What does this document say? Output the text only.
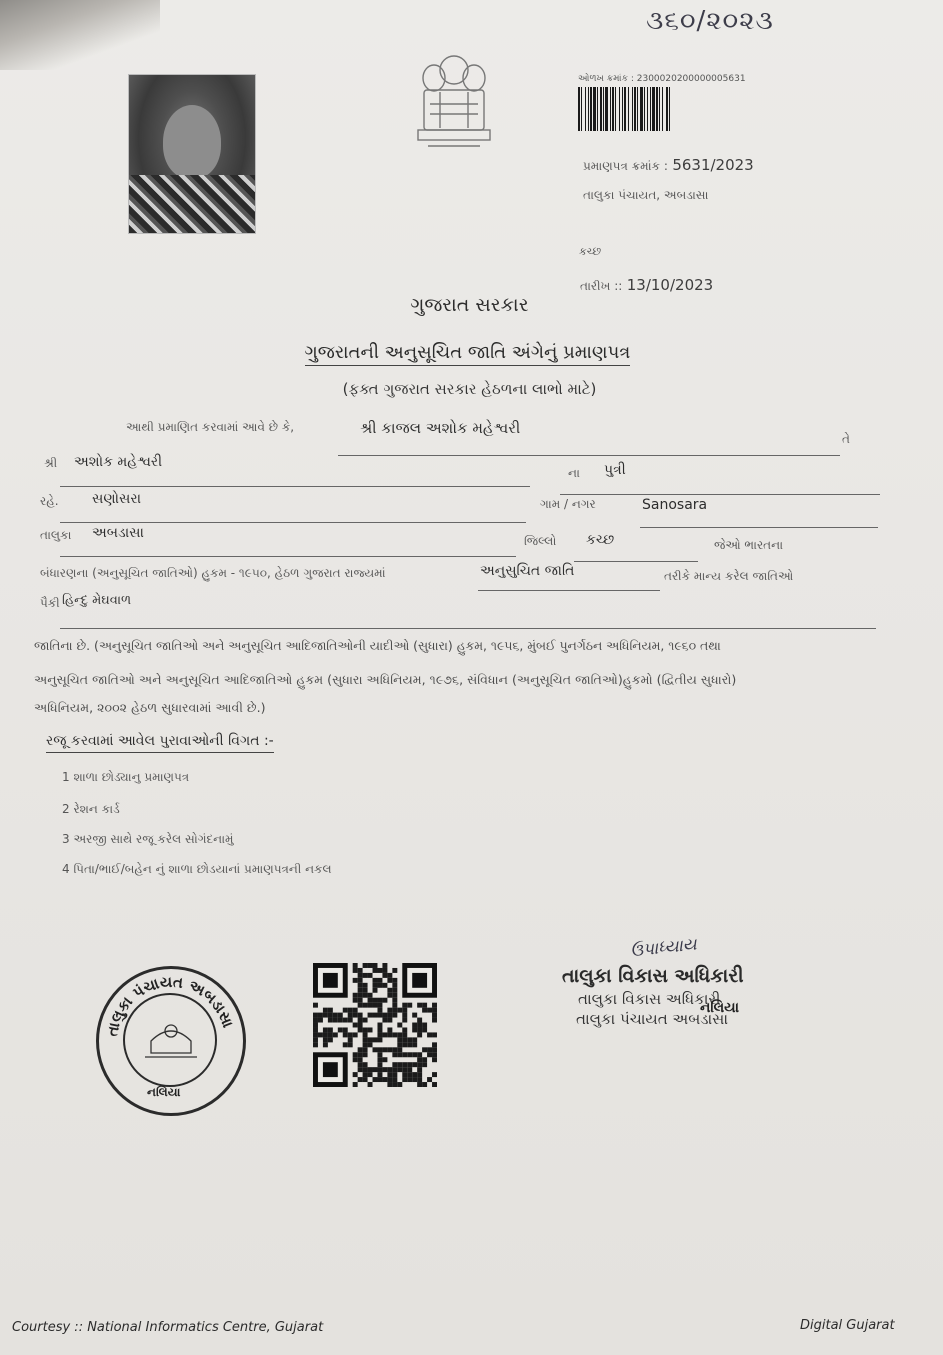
૩૬૦/૨૦૨૩
ઓળખ ક્રમાંક : 2300020200000005631
પ્રમાણપત્ર ક્રમાંક : 5631/2023
તાલુકા પંચાયત, અબડાસા
કચ્છ
તારીખ :: 13/10/2023
ગુજરાત સરકાર
ગુજરાતની અનુસૂચિત જાતિ અંગેનું પ્રમાણપત્ર
(ફક્ત ગુજરાત સરકાર હેઠળના લાભો માટે)
આથી પ્રમાણિત કરવામાં આવે છે કે,	શ્રી કાજલ અશોક મહેશ્વરી
તે
શ્રી અશોક મહેશ્વરી
ના પુત્રી
રહે. સણોસરા	ગામ / નગર	Sanosara
તાલુકા અબડાસા	જિલ્લો કચ્છ	જેઓ ભારતના
બંધારણના (અનુસૂચિત જાતિઓ) હુકમ - ૧૯૫૦, હેઠળ ગુજરાત રાજ્યમાં	અનુસુચિત જાતિ	તરીકે માન્ય કરેલ જાતિઓ
પૈકી હિન્દુ મેઘવાળ
જાતિના છે. (અનુસૂચિત જાતિઓ અને અનુસૂચિત આદિજાતિઓની યાદીઓ (સુધારા) હુકમ, ૧૯૫૬, મુંબઈ પુનર્ગઠન અધિનિયમ, ૧૯૬૦ તથા
અનુસૂચિત જાતિઓ અને અનુસૂચિત આદિજાતિઓ હુકમ (સુધારા અધિનિયમ, ૧૯૭૬, સંવિધાન (અનુસૂચિત જાતિઓ)હુકમો (દ્વિતીય સુધારો)
અધિનિયમ, ૨૦૦૨ હેઠળ સુધારવામાં આવી છે.)
રજૂ કરવામાં આવેલ પુરાવાઓની વિગત :-
1 શાળા છોડ્યાનુ પ્રમાણપત્ર
2 રેશન કાર્ડ
3 અરજી સાથે રજૂ કરેલ સોગંદનામું
4 પિતા/ભાઈ/બહેન નું શાળા છોડયાનાં પ્રમાણપત્રની નકલ
તાલુકા પંચાયત અબડાસા
નલિયા
ઉપાધ્યાય
તાલુકા વિકાસ અધિકારી
તાલુકા વિકાસ અધિકારી
તાલુકા પંચાયત અબડાસા
નલિયા
Courtesy :: National Informatics Centre, Gujarat	Digital Gujarat
